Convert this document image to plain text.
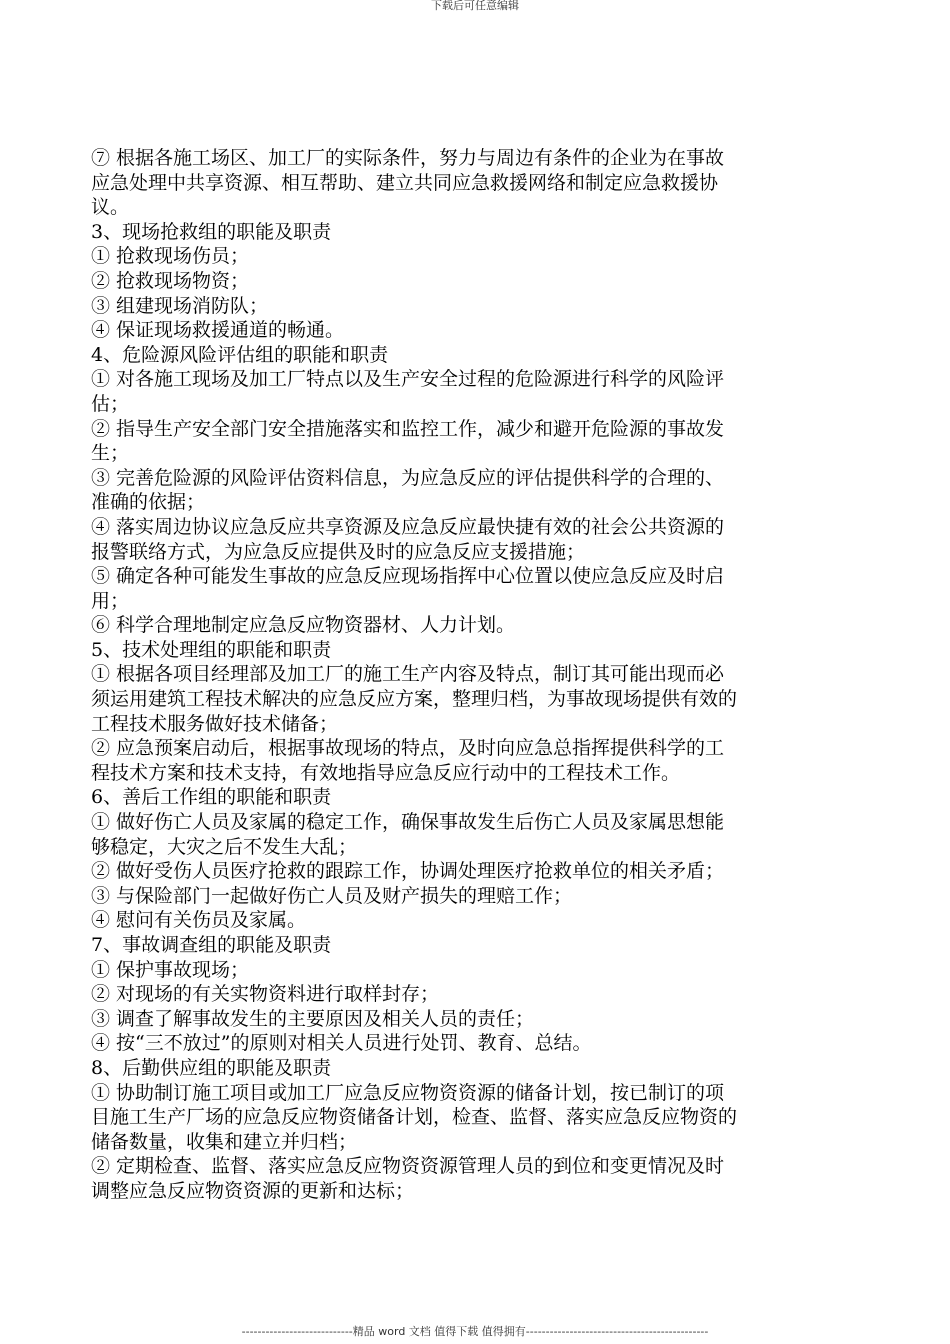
下载后可任意编辑
⑦ 根据各施工场区、加工厂的实际条件，努力与周边有条件的企业为在事故
应急处理中共享资源、相互帮助、建立共同应急救援网络和制定应急救援协
议。
3、现场抢救组的职能及职责
① 抢救现场伤员；
② 抢救现场物资；
③ 组建现场消防队；
④ 保证现场救援通道的畅通。
4、危险源风险评估组的职能和职责
① 对各施工现场及加工厂特点以及生产安全过程的危险源进行科学的风险评
估；
② 指导生产安全部门安全措施落实和监控工作，减少和避开危险源的事故发
生；
③ 完善危险源的风险评估资料信息，为应急反应的评估提供科学的合理的、
准确的依据；
④ 落实周边协议应急反应共享资源及应急反应最快捷有效的社会公共资源的
报警联络方式，为应急反应提供及时的应急反应支援措施；
⑤ 确定各种可能发生事故的应急反应现场指挥中心位置以使应急反应及时启
用；
⑥ 科学合理地制定应急反应物资器材、人力计划。
5、技术处理组的职能和职责
① 根据各项目经理部及加工厂的施工生产内容及特点，制订其可能出现而必
须运用建筑工程技术解决的应急反应方案，整理归档，为事故现场提供有效的
工程技术服务做好技术储备；
② 应急预案启动后，根据事故现场的特点，及时向应急总指挥提供科学的工
程技术方案和技术支持，有效地指导应急反应行动中的工程技术工作。
6、善后工作组的职能和职责
① 做好伤亡人员及家属的稳定工作，确保事故发生后伤亡人员及家属思想能
够稳定，大灾之后不发生大乱；
② 做好受伤人员医疗抢救的跟踪工作，协调处理医疗抢救单位的相关矛盾；
③ 与保险部门一起做好伤亡人员及财产损失的理赔工作；
④ 慰问有关伤员及家属。
7、事故调查组的职能及职责
① 保护事故现场；
② 对现场的有关实物资料进行取样封存；
③ 调查了解事故发生的主要原因及相关人员的责任；
④ 按“三不放过”的原则对相关人员进行处罚、教育、总结。
8、后勤供应组的职能及职责
① 协助制订施工项目或加工厂应急反应物资资源的储备计划，按已制订的项
目施工生产厂场的应急反应物资储备计划，检查、监督、落实应急反应物资的
储备数量，收集和建立并归档；
② 定期检查、监督、落实应急反应物资资源管理人员的到位和变更情况及时
调整应急反应物资资源的更新和达标；
----------------------------精品 word 文档 值得下载 值得拥有----------------------------------------------
